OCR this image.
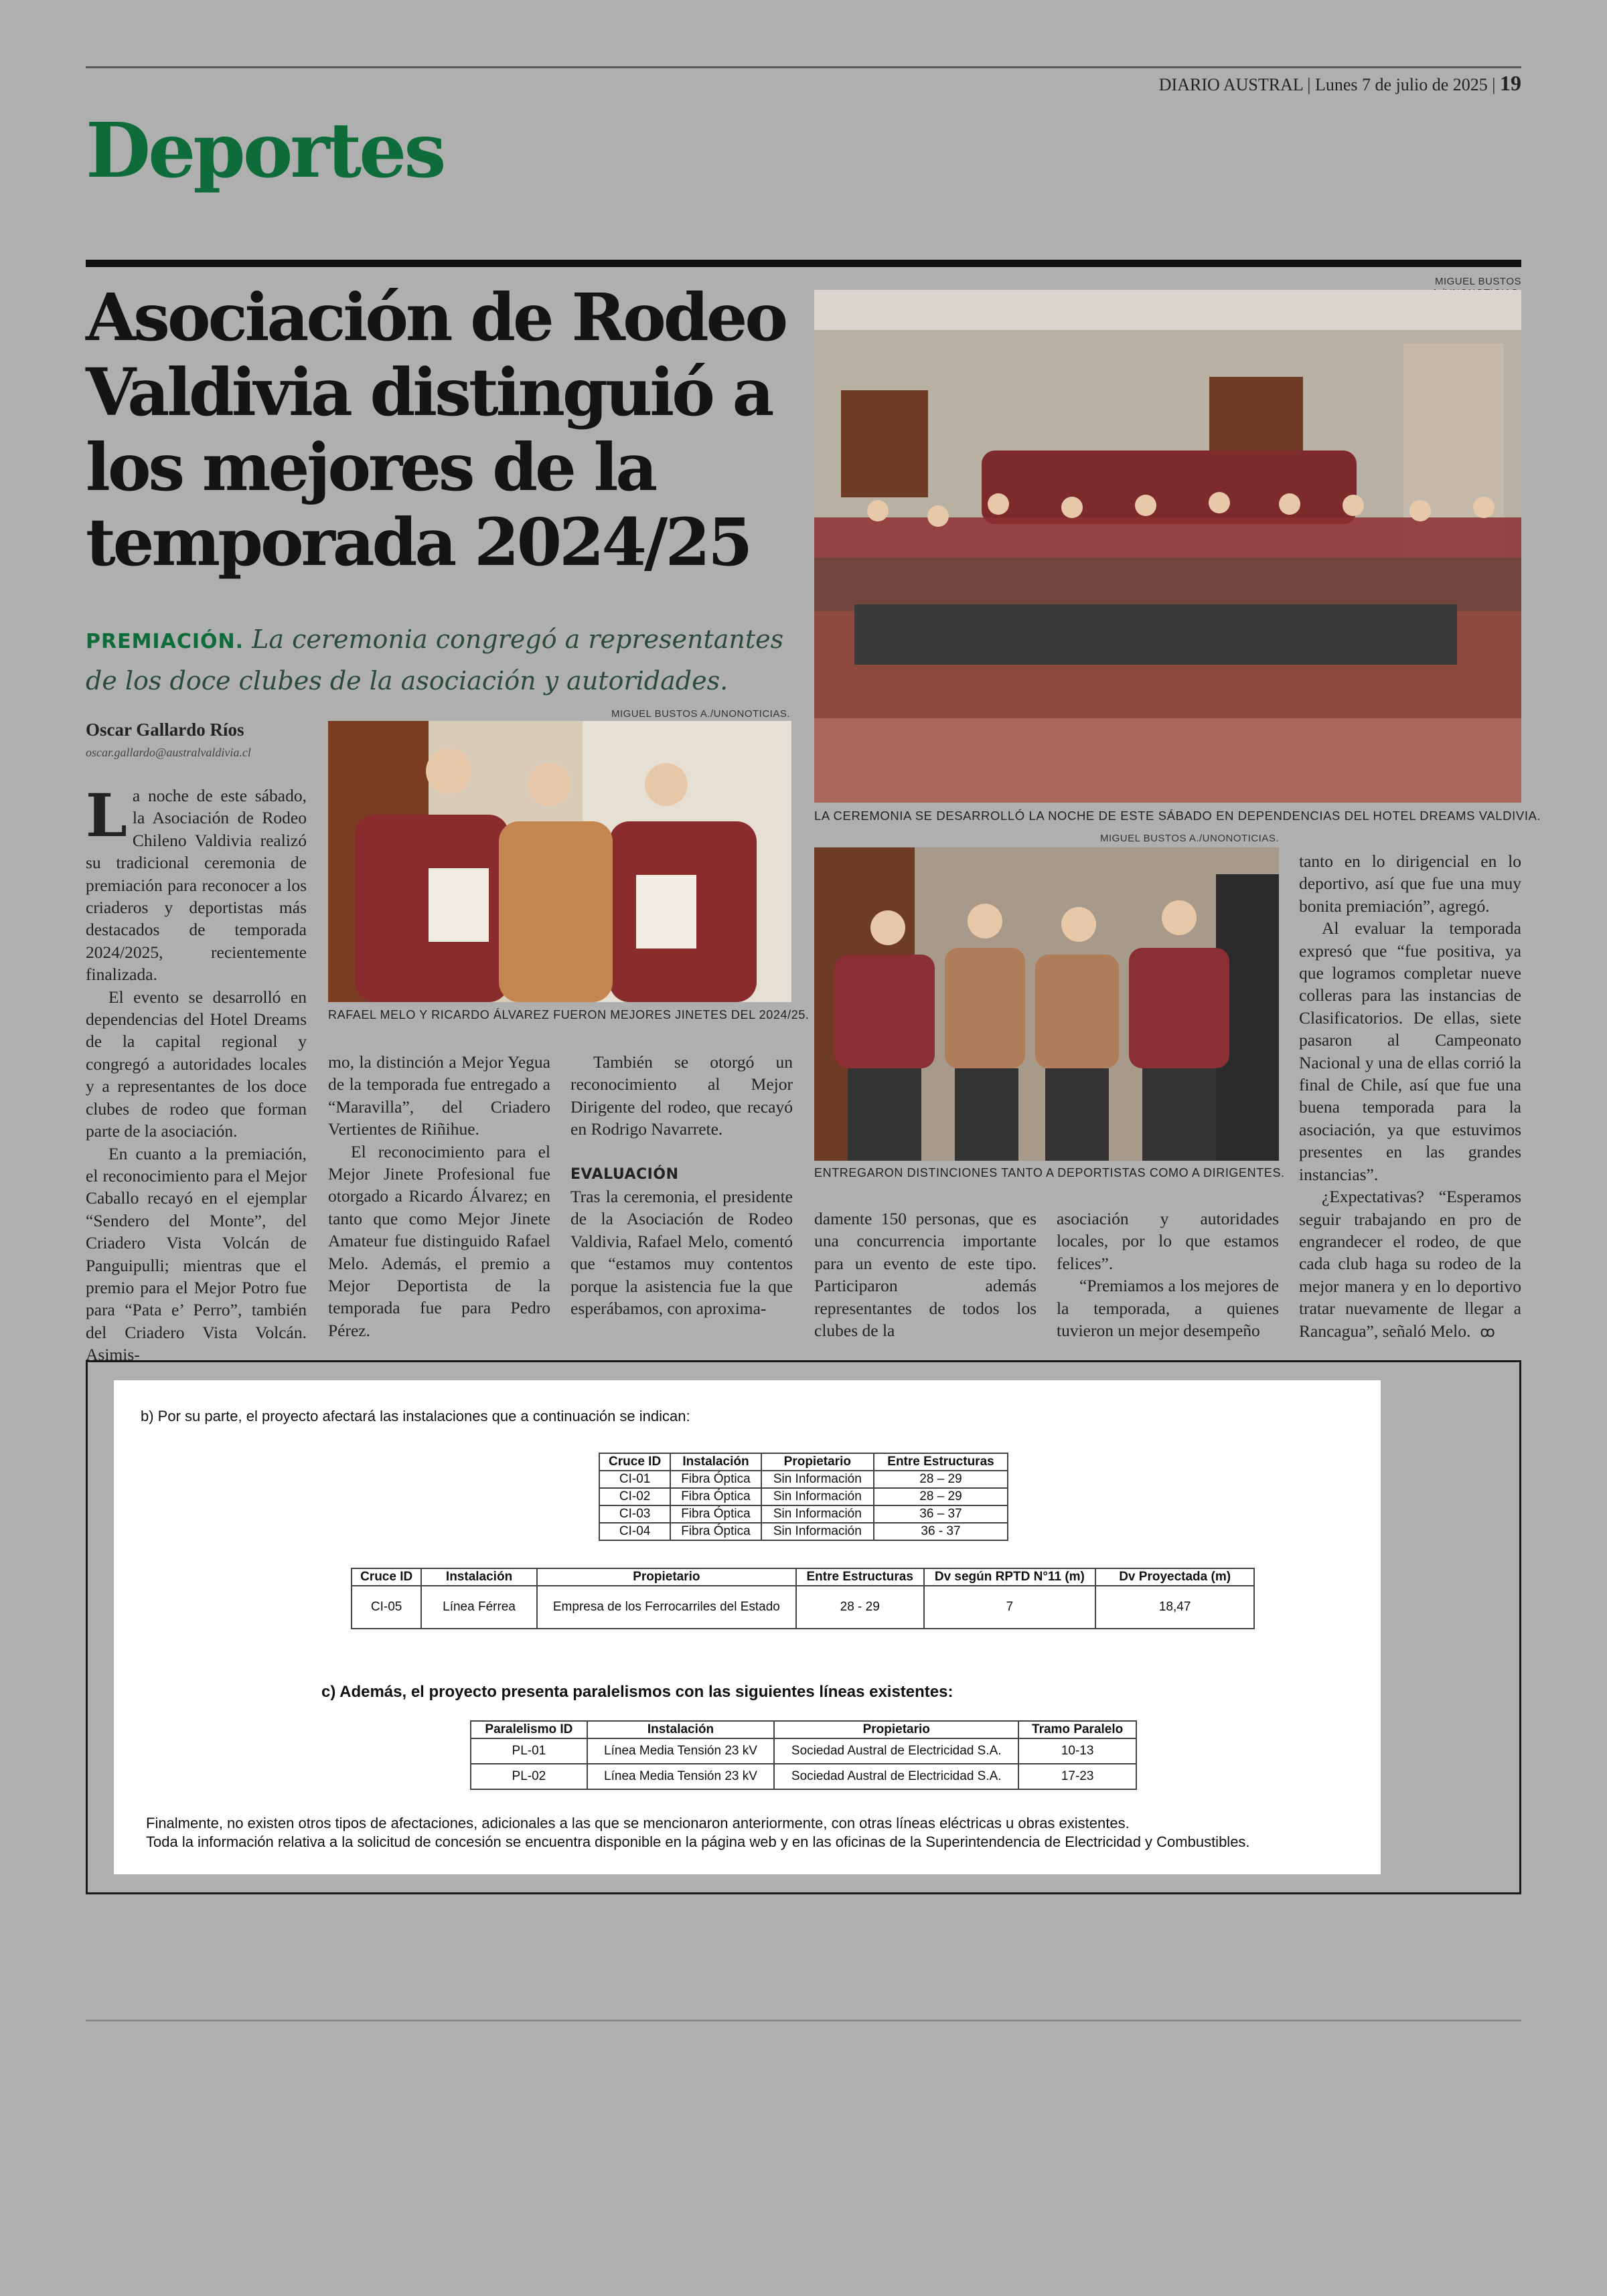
DIARIO AUSTRAL | Lunes 7 de julio de 2025 | 19
Deportes
Asociación de Rodeo Valdivia distinguió a los mejores de la temporada 2024/25
PREMIACIÓN. La ceremonia congregó a representantes de los doce clubes de la asociación y autoridades.
Oscar Gallardo Ríos
oscar.gallardo@australvaldivia.cl
MIGUEL BUSTOS
LA CEREMONIA SE DESARROLLÓ LA NOCHE DE ESTE SÁBADO EN DEPENDENCIAS DEL HOTEL DREAMS VALDIVIA.
MIGUEL BUSTOS A./UNONOTICIAS.
ENTREGARON DISTINCIONES TANTO A DEPORTISTAS COMO A DIRIGENTES.
MIGUEL BUSTOS A./UNONOTICIAS.
RAFAEL MELO Y RICARDO ÁLVAREZ FUERON MEJORES JINETES DEL 2024/25.

La noche de este sábado, la Asociación de Rodeo Chileno Valdivia realizó su tradicional ceremonia de premiación para reconocer a los criaderos y deportistas más destacados de temporada 2024/2025, recientemente finalizada.

El evento se desarrolló en dependencias del Hotel Dreams de la capital regional y congregó a autoridades locales y a representantes de los doce clubes de rodeo que forman parte de la asociación.

En cuanto a la premiación, el reconocimiento para el Mejor Caballo recayó en el ejemplar “Sendero del Monte”, del Criadero Vista Volcán de Panguipulli; mientras que el premio para el Mejor Potro fue para “Pata e’ Perro”, también del Criadero Vista Volcán. Asimis-

mo, la distinción a Mejor Yegua de la temporada fue entregado a “Maravilla”, del Criadero Vertientes de Riñihue.

El reconocimiento para el Mejor Jinete Profesional fue otorgado a Ricardo Álvarez; en tanto que como Mejor Jinete Amateur fue distinguido Rafael Melo. Además, el premio a Mejor Deportista de la temporada fue para Pedro Pérez.

También se otorgó un reconocimiento al Mejor Dirigente del rodeo, que recayó en Rodrigo Navarrete.

EVALUACIÓN

Tras la ceremonia, el presidente de la Asociación de Rodeo Valdivia, Rafael Melo, comentó que “estamos muy contentos porque la asistencia fue la que esperábamos, con aproxima-

damente 150 personas, que es una concurrencia importante para un evento de este tipo. Participaron además representantes de todos los clubes de la

asociación y autoridades locales, por lo que estamos felices”.

“Premiamos a los mejores de la temporada, a quienes tuvieron un mejor desempeño

tanto en lo dirigencial en lo deportivo, así que fue una muy bonita premiación”, agregó.

Al evaluar la temporada expresó que “fue positiva, ya que logramos completar nueve colleras para las instancias de Clasificatorios. De ellas, siete pasaron al Campeonato Nacional y una de ellas corrió la final de Chile, así que fue una buena temporada para la asociación, ya que estuvimos presentes en las grandes instancias”.

¿Expectativas? “Esperamos seguir trabajando en pro de engrandecer el rodeo, de que cada club haga su rodeo de la mejor manera y en lo deportivo tratar nuevamente de llegar a Rancagua”, señaló Melo. ꝏ

b) Por su parte, el proyecto afectará las instalaciones que a continuación se indican:
Cruce ID	Instalación	Propietario	Entre Estructuras
CI-01	Fibra Óptica	Sin Información	28 – 29
CI-02	Fibra Óptica	Sin Información	28 – 29
CI-03	Fibra Óptica	Sin Información	36 – 37
CI-04	Fibra Óptica	Sin Información	36 - 37
Cruce ID	Instalación	Propietario	Entre Estructuras	Dv según RPTD N°11 (m)	Dv Proyectada (m)
CI-05	Línea Férrea	Empresa de los Ferrocarriles del Estado	28 - 29	7	18,47
c) Además, el proyecto presenta paralelismos con las siguientes líneas existentes:
Paralelismo ID	Instalación	Propietario	Tramo Paralelo
PL-01	Línea Media Tensión 23 kV	Sociedad Austral de Electricidad S.A.	10-13
PL-02	Línea Media Tensión 23 kV	Sociedad Austral de Electricidad S.A.	17-23
Finalmente, no existen otros tipos de afectaciones, adicionales a las que se mencionaron anteriormente, con otras líneas eléctricas u obras existentes.
Toda la información relativa a la solicitud de concesión se encuentra disponible en la página web y en las oficinas de la Superintendencia de Electricidad y Combustibles.
